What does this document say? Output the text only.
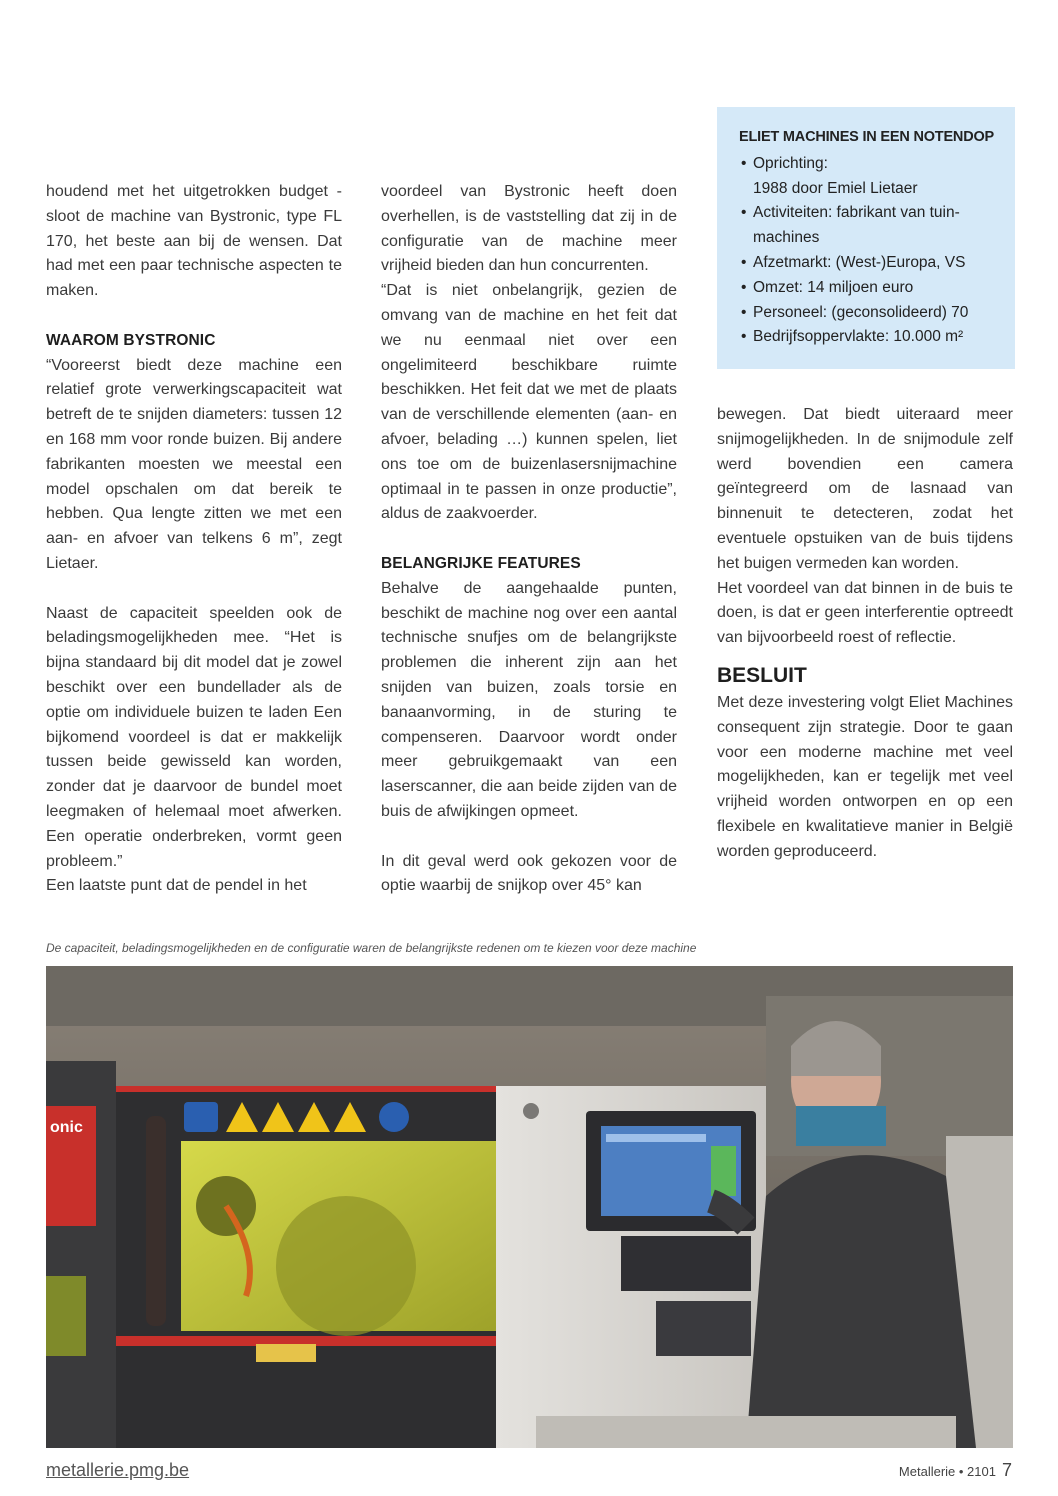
houdend met het uitgetrokken budget - sloot de machine van Bystronic, type FL 170, het beste aan bij de wensen. Dat had met een paar technische aspecten te maken.

WAAROM BYSTRONIC

“Vooreerst biedt deze machine een relatief grote verwerkingscapaciteit wat betreft de te snijden diameters: tussen 12 en 168 mm voor ronde buizen. Bij andere fabrikanten moesten we meestal een model opschalen om dat bereik te hebben. Qua lengte zitten we met een aan- en afvoer van telkens 6 m”, zegt Lietaer.

Naast de capaciteit speelden ook de beladingsmogelijkheden mee. “Het is bijna standaard bij dit model dat je zowel beschikt over een bundellader als de optie om individuele buizen te laden Een bijkomend voordeel is dat er makkelijk tussen beide gewisseld kan worden, zonder dat je daarvoor de bundel moet leegmaken of helemaal moet afwerken. Een operatie onderbreken, vormt geen probleem.”

Een laatste punt dat de pendel in het

voordeel van Bystronic heeft doen overhellen, is de vaststelling dat zij in de configuratie van de machine meer vrijheid bieden dan hun concurrenten.

“Dat is niet onbelangrijk, gezien de omvang van de machine en het feit dat we nu eenmaal niet over een ongelimiteerd beschikbare ruimte beschikken. Het feit dat we met de plaats van de verschillende elementen (aan- en afvoer, belading …) kunnen spelen, liet ons toe om de buizenlasersnijmachine optimaal in te passen in onze productie”, aldus de zaakvoerder.

BELANGRIJKE FEATURES

Behalve de aangehaalde punten, beschikt de machine nog over een aantal technische snufjes om de belangrijkste problemen die inherent zijn aan het snijden van buizen, zoals torsie en banaanvorming, in de sturing te compenseren. Daarvoor wordt onder meer gebruikgemaakt van een laserscanner, die aan beide zijden van de buis de afwijkingen opmeet.

In dit geval werd ook gekozen voor de optie waarbij de snijkop over 45° kan

ELIET MACHINES IN EEN NOTENDOP
• Oprichting:
1988 door Emiel Lietaer
• Activiteiten: fabrikant van tuin-
machines
• Afzetmarkt: (West-)Europa, VS
• Omzet: 14 miljoen euro
• Personeel: (geconsolideerd) 70
• Bedrijfsoppervlakte: 10.000 m²

bewegen. Dat biedt uiteraard meer snijmogelijkheden. In de snijmodule zelf werd bovendien een camera geïntegreerd om de lasnaad van binnenuit te detecteren, zodat het eventuele opstuiken van de buis tijdens het buigen vermeden kan worden.

Het voordeel van dat binnen in de buis te doen, is dat er geen interferentie optreedt van bijvoorbeeld roest of reflectie.

BESLUIT

Met deze investering volgt Eliet Machines consequent zijn strategie. Door te gaan voor een moderne machine met veel mogelijkheden, kan er tegelijk met veel vrijheid worden ontworpen en op een flexibele en kwalitatieve manier in België worden geproduceerd.

De capaciteit, beladingsmogelijkheden en de configuratie waren de belangrijkste redenen om te kiezen voor deze machine
onic
metallerie.pmg.be	Metallerie • 2101 7
